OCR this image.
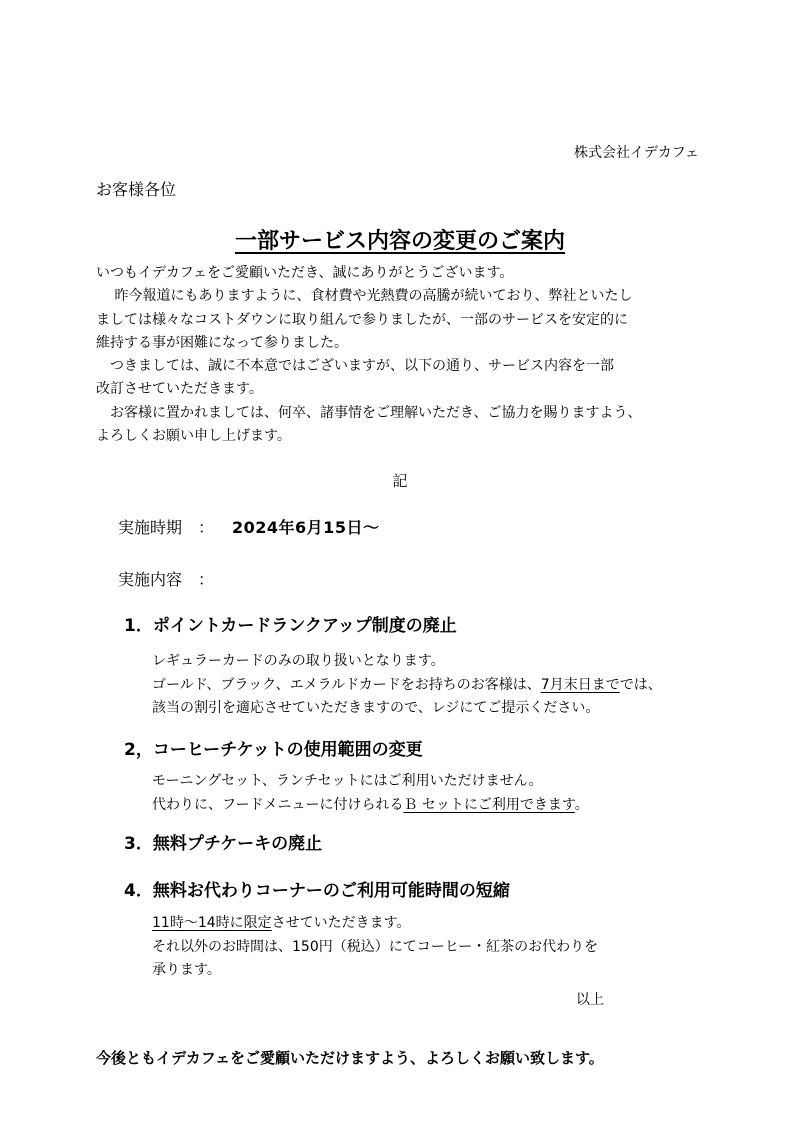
株式会社イデカフェ
お客様各位
一部サービス内容の変更のご案内
いつもイデカフェをご愛顧いただき、誠にありがとうございます。
　 昨今報道にもありますように、食材費や光熱費の高騰が続いており、弊社といたし
ましては様々なコストダウンに取り組んで参りましたが、一部のサービスを安定的に
維持する事が困難になって参りました。
　つきましては、誠に不本意ではございますが、以下の通り、サービス内容を一部
改訂させていただきます。
　お客様に置かれましては、何卒、諸事情をご理解いただき、ご協力を賜りますよう、
よろしくお願い申し上げます。
記
実施時期　： 2024年6月15日～
実施内容　：
1．ポイントカードランクアップ制度の廃止
レギュラーカードのみの取り扱いとなります。
ゴールド、ブラック、エメラルドカードをお持ちのお客様は、7月末日まででは、
該当の割引を適応させていただきますので、レジにてご提示ください。
2，コーヒーチケットの使用範囲の変更
モーニングセット、ランチセットにはご利用いただけません。
代わりに、フードメニューに付けられるＢ セットにご利用できます。
3．無料プチケーキの廃止
4．無料お代わりコーナーのご利用可能時間の短縮
11時～14時に限定させていただきます。
それ以外のお時間は、150円（税込）にてコーヒー・紅茶のお代わりを
承ります。
以上
今後ともイデカフェをご愛顧いただけますよう、よろしくお願い致します。
